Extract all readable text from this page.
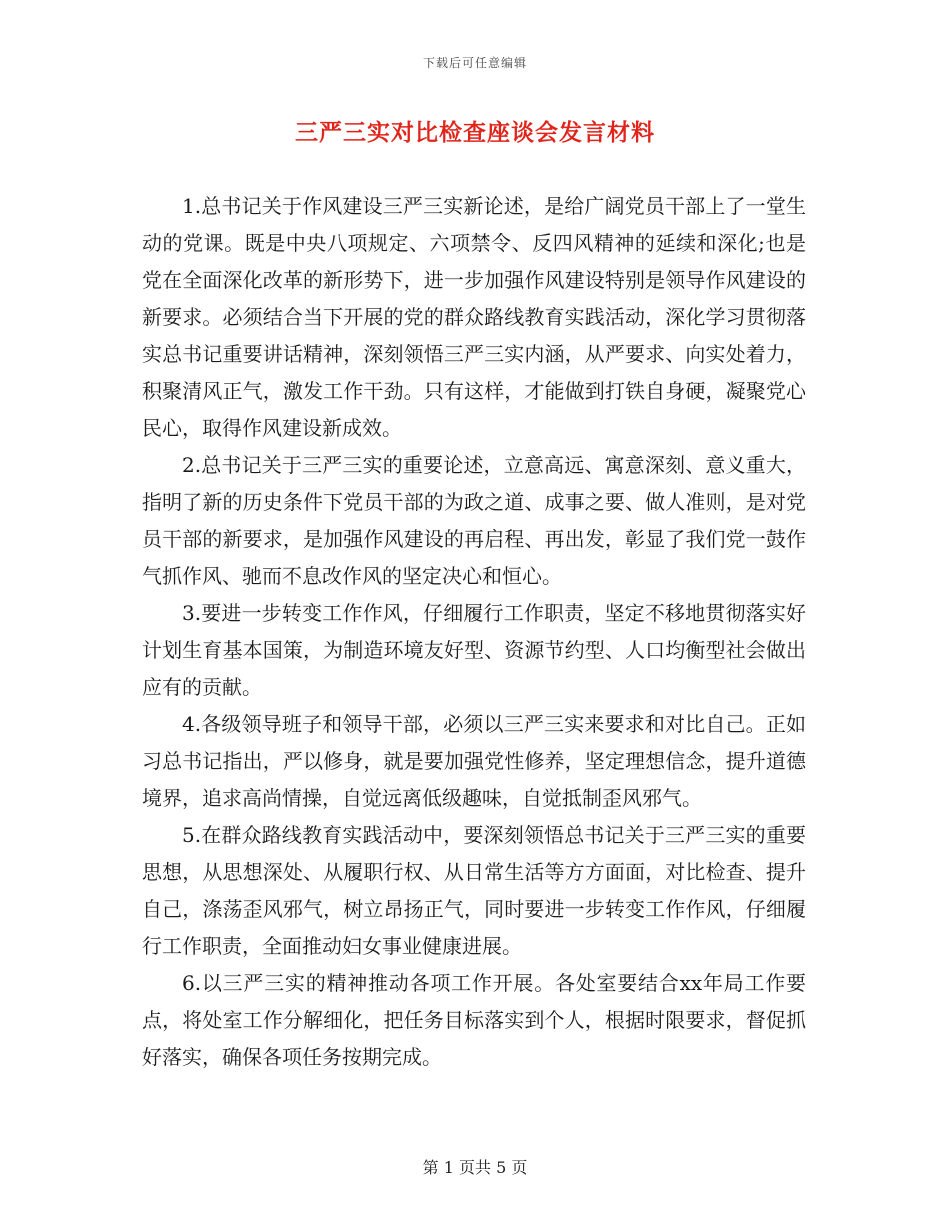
下载后可任意编辑
三严三实对比检查座谈会发言材料

1.总书记关于作风建设三严三实新论述，是给广阔党员干部上了一堂生动的党课。既是中央八项规定、六项禁令、反四风精神的延续和深化;也是党在全面深化改革的新形势下，进一步加强作风建设特别是领导作风建设的新要求。必须结合当下开展的党的群众路线教育实践活动，深化学习贯彻落实总书记重要讲话精神，深刻领悟三严三实内涵，从严要求、向实处着力，积聚清风正气，激发工作干劲。只有这样，才能做到打铁自身硬，凝聚党心民心，取得作风建设新成效。

2.总书记关于三严三实的重要论述，立意高远、寓意深刻、意义重大，指明了新的历史条件下党员干部的为政之道、成事之要、做人准则，是对党员干部的新要求，是加强作风建设的再启程、再出发，彰显了我们党一鼓作气抓作风、驰而不息改作风的坚定决心和恒心。

3.要进一步转变工作作风，仔细履行工作职责，坚定不移地贯彻落实好计划生育基本国策，为制造环境友好型、资源节约型、人口均衡型社会做出应有的贡献。

4.各级领导班子和领导干部，必须以三严三实来要求和对比自己。正如习总书记指出，严以修身，就是要加强党性修养，坚定理想信念，提升道德境界，追求高尚情操，自觉远离低级趣味，自觉抵制歪风邪气。

5.在群众路线教育实践活动中，要深刻领悟总书记关于三严三实的重要思想，从思想深处、从履职行权、从日常生活等方方面面，对比检查、提升自己，涤荡歪风邪气，树立昂扬正气，同时要进一步转变工作作风，仔细履行工作职责，全面推动妇女事业健康进展。

6.以三严三实的精神推动各项工作开展。各处室要结合xx年局工作要点，将处室工作分解细化，把任务目标落实到个人，根据时限要求，督促抓好落实，确保各项任务按期完成。

第 1 页共 5 页
